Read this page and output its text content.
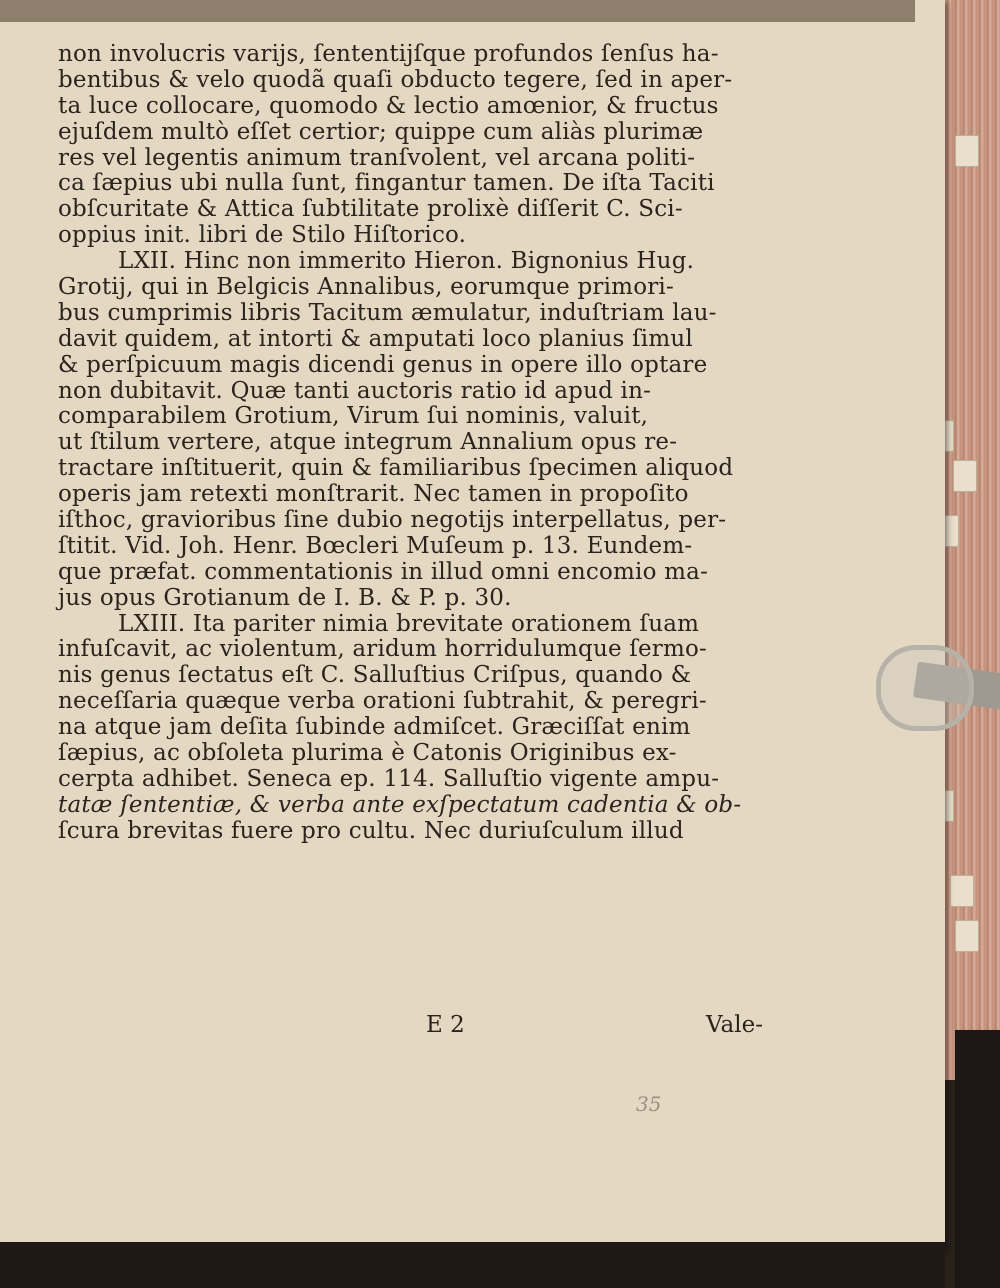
non involucris varijs, ſententijſque profundos ſenſus ha-
bentibus & velo quodã quaſi obducto tegere, ſed in aper-
ta luce collocare, quomodo & lectio amœnior, & fructus
ejuſdem multò eſſet certior; quippe cum aliàs plurimæ
res vel legentis animum tranſvolent, vel arcana politi-
ca ſæpius ubi nulla ſunt, fingantur tamen. De iſta Taciti
obſcuritate & Attica ſubtilitate prolixè diſſerit C. Sci-
oppius init. libri de Stilo Hiſtorico.
LXII. Hinc non immerito Hieron. Bignonius Hug.
Grotij, qui in Belgicis Annalibus, eorumque primori-
bus cumprimis libris Tacitum æmulatur, induſtriam lau-
davit quidem, at intorti & amputati loco planius ſimul
& perſpicuum magis dicendi genus in opere illo optare
non dubitavit. Quæ tanti auctoris ratio id apud in-
comparabilem Grotium, Virum ſui nominis, valuit,
ut ſtilum vertere, atque integrum Annalium opus re-
tractare inſtituerit, quin & familiaribus ſpecimen aliquod
operis jam retexti monſtrarit. Nec tamen in propoſito
iſthoc, gravioribus ſine dubio negotijs interpellatus, per-
ſtitit. Vid. Joh. Henr. Bœcleri Muſeum p. 13. Eundem-
que præfat. commentationis in illud omni encomio ma-
jus opus Grotianum de I. B. & P. p. 30.
LXIII. Ita pariter nimia brevitate orationem ſuam
infuſcavit, ac violentum, aridum horridulumque ſermo-
nis genus ſectatus eſt C. Salluſtius Criſpus, quando &
neceſſaria quæque verba orationi ſubtrahit, & peregri-
na atque jam deſita ſubinde admiſcet. Græciſſat enim
ſæpius, ac obſoleta plurima è Catonis Originibus ex-
cerpta adhibet. Seneca ep. 114. Salluſtio vigente ampu-
tatæ ſententiæ, & verba ante exſpectatum cadentia & ob-
ſcura brevitas fuere pro cultu. Nec duriuſculum illud
E 2	Vale-
35
